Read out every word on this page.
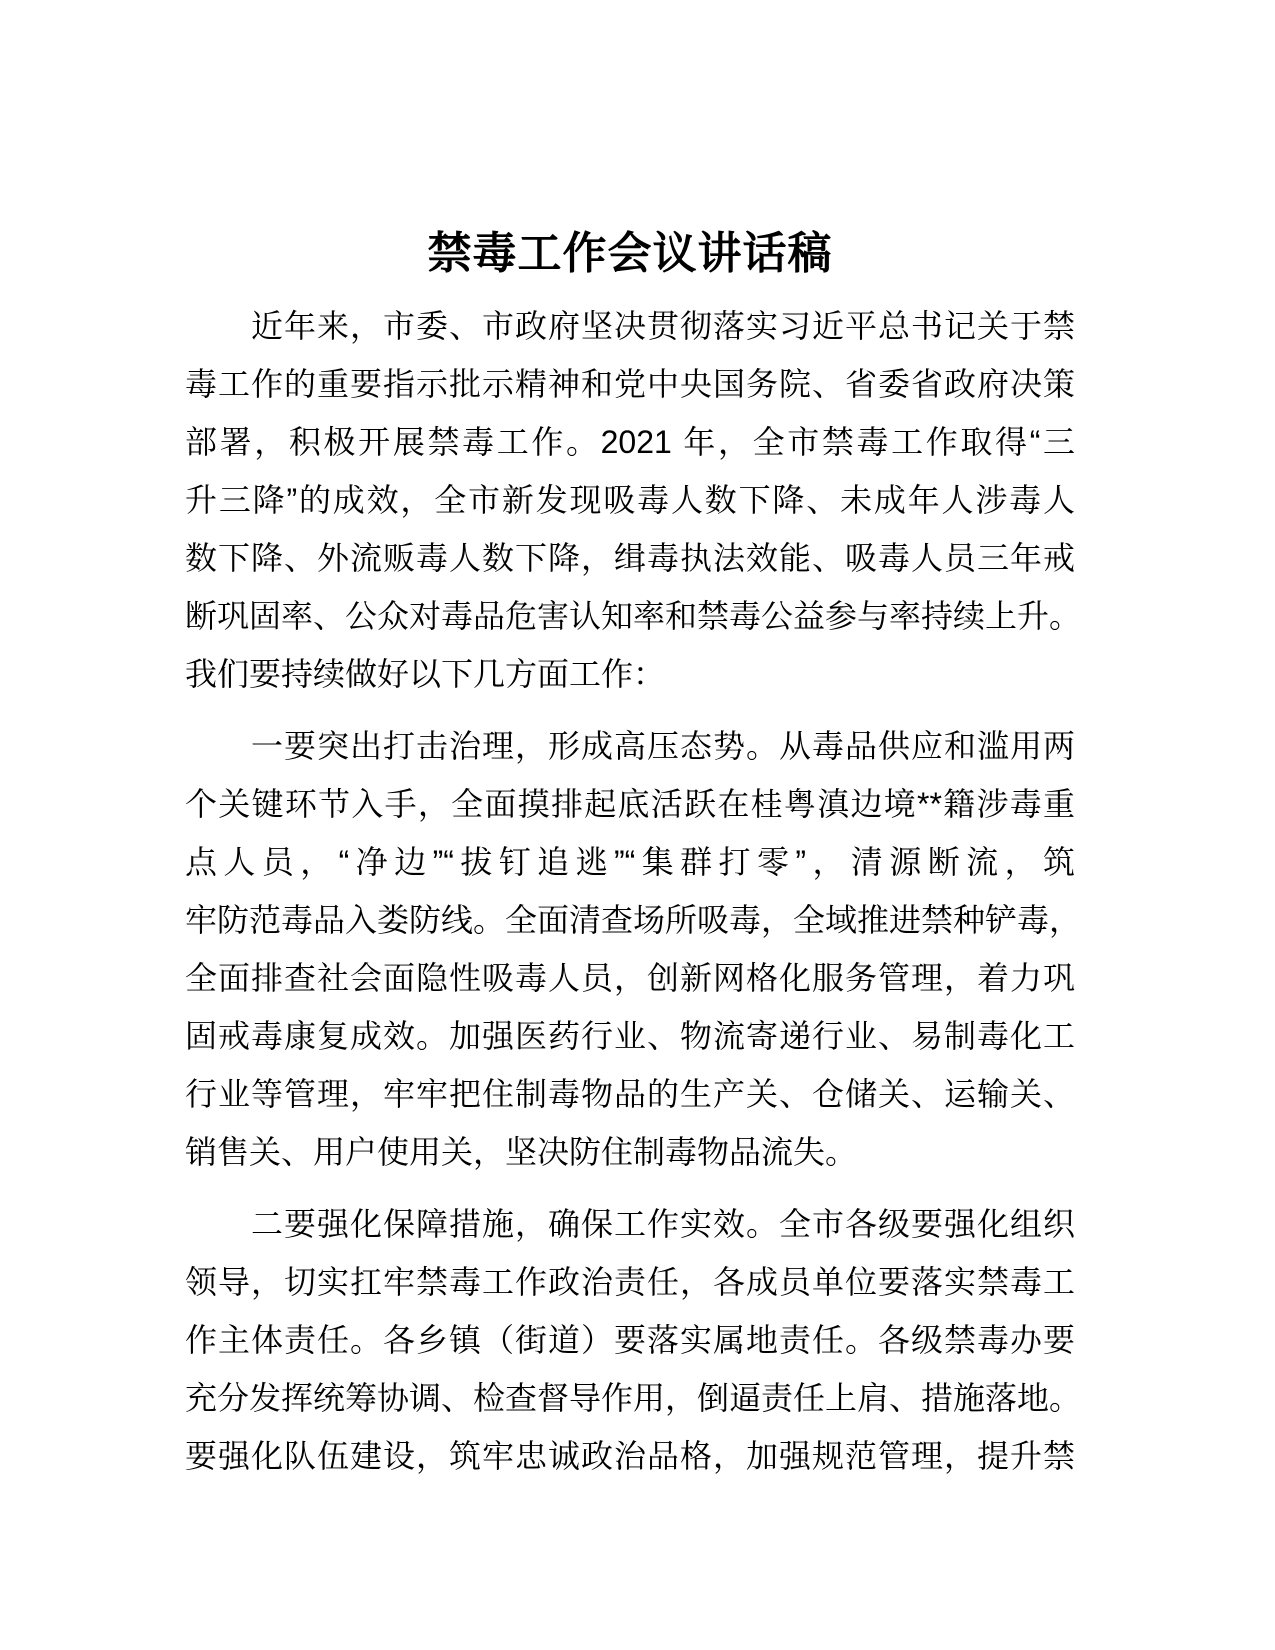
禁毒工作会议讲话稿
近年来，市委、市政府坚决贯彻落实习近平总书记关于禁
毒工作的重要指示批示精神和党中央国务院、省委省政府决策
部署，积极开展禁毒工作。2021 年，全市禁毒工作取得“三
升三降”的成效，全市新发现吸毒人数下降、未成年人涉毒人
数下降、外流贩毒人数下降，缉毒执法效能、吸毒人员三年戒
断巩固率、公众对毒品危害认知率和禁毒公益参与率持续上升。
我们要持续做好以下几方面工作：
一要突出打击治理，形成高压态势。从毒品供应和滥用两
个关键环节入手，全面摸排起底活跃在桂粤滇边境**籍涉毒重
点人员，“净边”“拔钉追逃”“集群打零”，清源断流，筑
牢防范毒品入娄防线。全面清查场所吸毒，全域推进禁种铲毒，
全面排查社会面隐性吸毒人员，创新网格化服务管理，着力巩
固戒毒康复成效。加强医药行业、物流寄递行业、易制毒化工
行业等管理，牢牢把住制毒物品的生产关、仓储关、运输关、
销售关、用户使用关，坚决防住制毒物品流失。
二要强化保障措施，确保工作实效。全市各级要强化组织
领导，切实扛牢禁毒工作政治责任，各成员单位要落实禁毒工
作主体责任。各乡镇（街道）要落实属地责任。各级禁毒办要
充分发挥统筹协调、检查督导作用，倒逼责任上肩、措施落地。
要强化队伍建设，筑牢忠诚政治品格，加强规范管理，提升禁
